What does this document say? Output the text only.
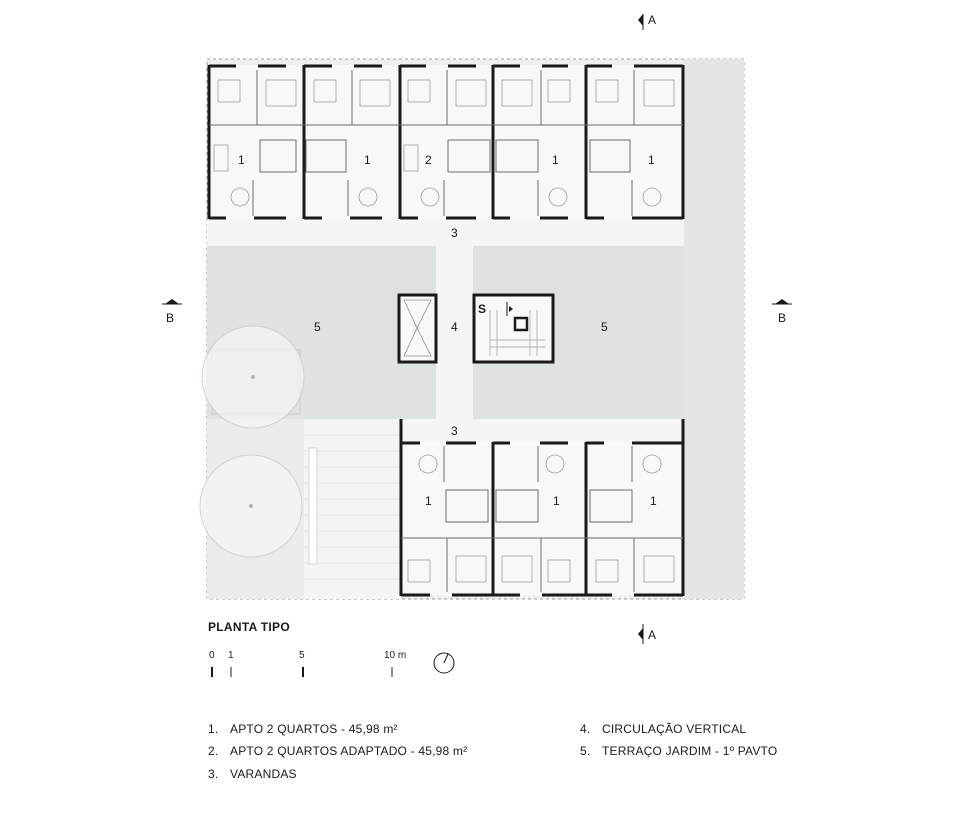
A
A
B	B
S
1	1	2	1	1
1	1	1
3
3
4
5	5
PLANTA TIPO
0 1	5	10 m
1. APTO 2 QUARTOS - 45,98 m²
2. APTO 2 QUARTOS ADAPTADO - 45,98 m²
3. VARANDAS
4. CIRCULAÇÃO VERTICAL
5. TERRAÇO JARDIM - 1º PAVTO
